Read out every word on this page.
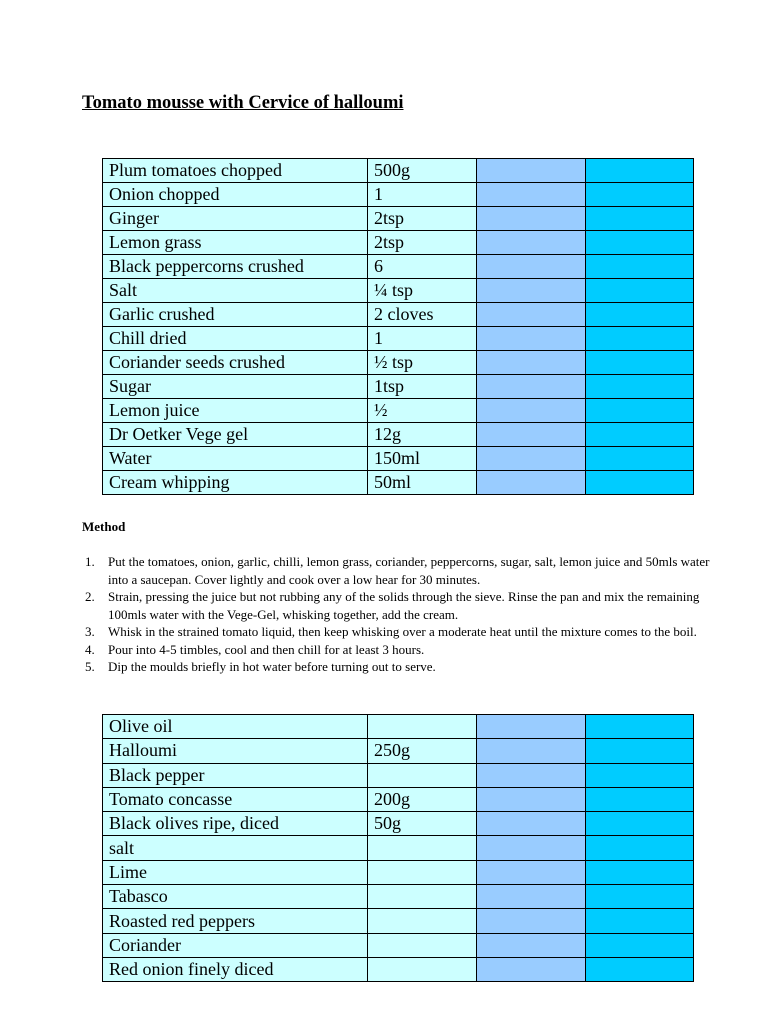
Tomato mousse with Cervice of halloumi
Plum tomatoes chopped	500g		
Onion chopped	1		
Ginger	2tsp		
Lemon grass	2tsp		
Black peppercorns crushed	6		
Salt	¼ tsp		
Garlic crushed	2 cloves		
Chill dried	1		
Coriander seeds crushed	½ tsp		
Sugar	1tsp		
Lemon juice	½		
Dr Oetker Vege gel	12g		
Water	150ml		
Cream whipping	50ml		
Method
1. Put the tomatoes, onion, garlic, chilli, lemon grass, coriander, peppercorns, sugar, salt, lemon juice and 50mls water into a saucepan. Cover lightly and cook over a low hear for 30 minutes.
2. Strain, pressing the juice but not rubbing any of the solids through the sieve. Rinse the pan and mix the remaining 100mls water with the Vege-Gel, whisking together, add the cream.
3. Whisk in the strained tomato liquid, then keep whisking over a moderate heat until the mixture comes to the boil.
4. Pour into 4-5 timbles, cool and then chill for at least 3 hours.
5. Dip the moulds briefly in hot water before turning out to serve.
Olive oil			
Halloumi	250g		
Black pepper			
Tomato concasse	200g		
Black olives ripe, diced	50g		
salt			
Lime			
Tabasco			
Roasted red peppers			
Coriander			
Red onion finely diced			
